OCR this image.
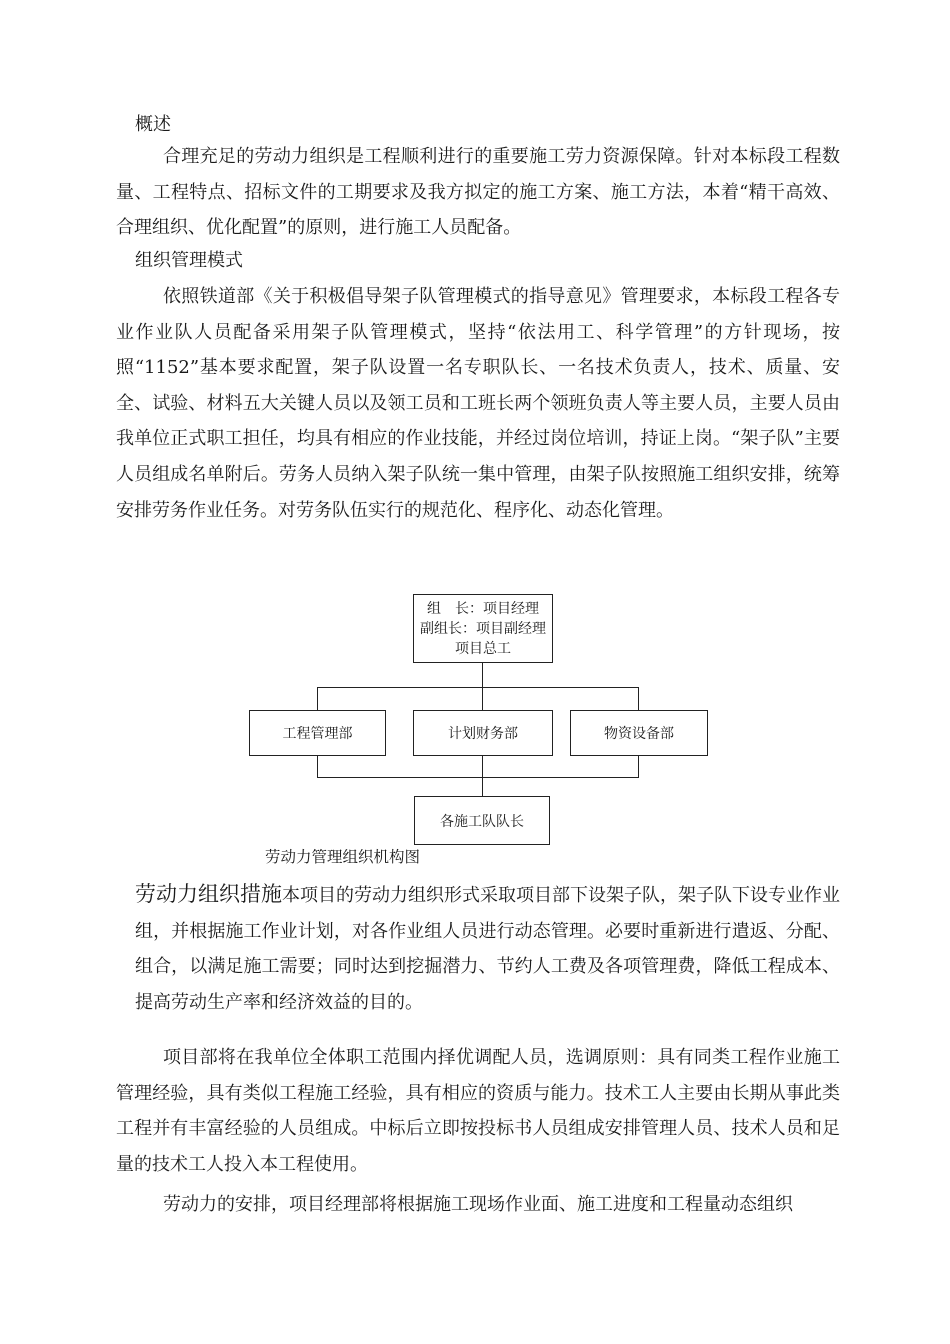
概述

合理充足的劳动力组织是工程顺利进行的重要施工劳力资源保障。针对本标段工程数量、工程特点、招标文件的工期要求及我方拟定的施工方案、施工方法，本着“精干高效、合理组织、优化配置”的原则，进行施工人员配备。

组织管理模式

依照铁道部《关于积极倡导架子队管理模式的指导意见》管理要求，本标段工程各专业作业队人员配备采用架子队管理模式，坚持“依法用工、科学管理”的方针现场，按照“1152”基本要求配置，架子队设置一名专职队长、一名技术负责人，技术、质量、安全、试验、材料五大关键人员以及领工员和工班长两个领班负责人等主要人员，主要人员由我单位正式职工担任，均具有相应的作业技能，并经过岗位培训，持证上岗。“架子队”主要人员组成名单附后。劳务人员纳入架子队统一集中管理，由架子队按照施工组织安排，统筹安排劳务作业任务。对劳务队伍实行的规范化、程序化、动态化管理。

组　长：项目经理
副组长：项目副经理
项目总工
工程管理部	计划财务部	物资设备部
各施工队队长
劳动力管理组织机构图

劳动力组织措施本项目的劳动力组织形式采取项目部下设架子队，架子队下设专业作业组，并根据施工作业计划，对各作业组人员进行动态管理。必要时重新进行遣返、分配、组合，以满足施工需要；同时达到挖掘潜力、节约人工费及各项管理费，降低工程成本、提高劳动生产率和经济效益的目的。

项目部将在我单位全体职工范围内择优调配人员，选调原则：具有同类工程作业施工管理经验，具有类似工程施工经验，具有相应的资质与能力。技术工人主要由长期从事此类工程并有丰富经验的人员组成。中标后立即按投标书人员组成安排管理人员、技术人员和足量的技术工人投入本工程使用。

劳动力的安排，项目经理部将根据施工现场作业面、施工进度和工程量动态组织
